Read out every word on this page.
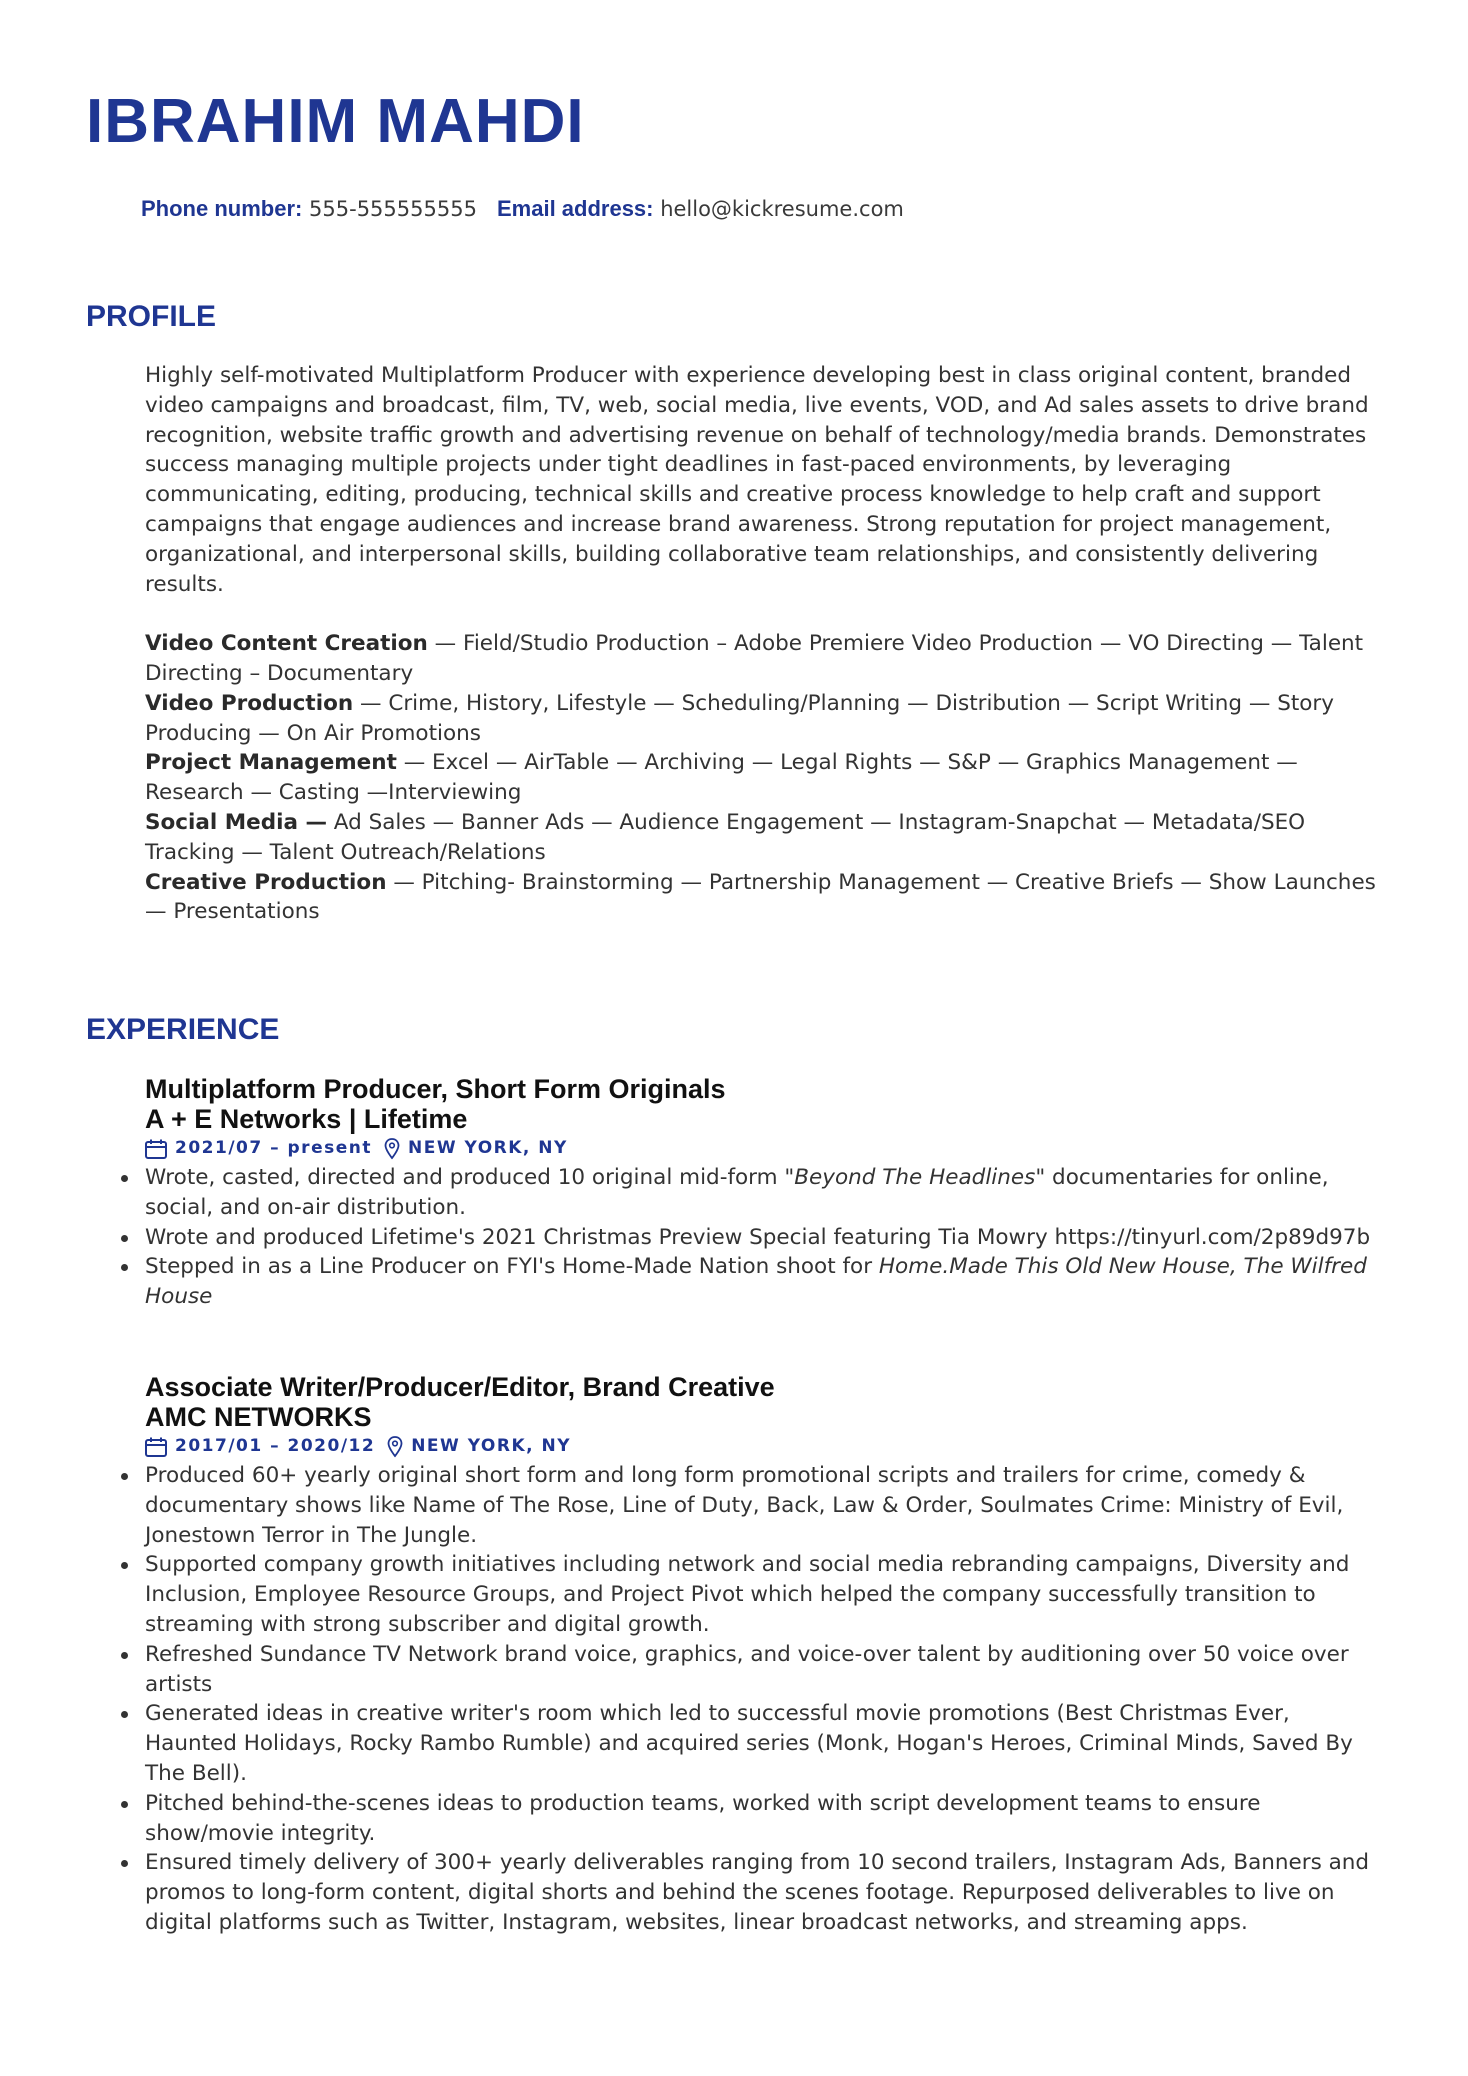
IBRAHIM MAHDI
Phone number: 555-555555555 Email address: hello@kickresume.com
PROFILE

Highly self-motivated Multiplatform Producer with experience developing best in class original content, branded video campaigns and broadcast, film, TV, web, social media, live events, VOD, and Ad sales assets to drive brand recognition, website traffic growth and advertising revenue on behalf of technology/media brands. Demonstrates success managing multiple projects under tight deadlines in fast-paced environments, by leveraging communicating, editing, producing, technical skills and creative process knowledge to help craft and support campaigns that engage audiences and increase brand awareness. Strong reputation for project management, organizational, and interpersonal skills, building collaborative team relationships, and consistently delivering results.

Video Content Creation — Field/Studio Production – Adobe Premiere Video Production — VO Directing — Talent Directing – Documentary

Video Production — Crime, History, Lifestyle — Scheduling/Planning — Distribution — Script Writing — Story Producing — On Air Promotions

Project Management — Excel — AirTable — Archiving — Legal Rights — S&P — Graphics Management — Research — Casting —Interviewing

Social Media — Ad Sales — Banner Ads — Audience Engagement — Instagram-Snapchat — Metadata/SEO Tracking — Talent Outreach/Relations

Creative Production — Pitching- Brainstorming — Partnership Management — Creative Briefs — Show Launches — Presentations

EXPERIENCE
Multiplatform Producer, Short Form Originals
A + E Networks | Lifetime
2021/07 – present NEW YORK, NY
Wrote, casted, directed and produced 10 original mid-form "Beyond The Headlines" documentaries for online, social, and on-air distribution.
Wrote and produced Lifetime's 2021 Christmas Preview Special featuring Tia Mowry https://tinyurl.com/2p89d97b
Stepped in as a Line Producer on FYI's Home-Made Nation shoot for Home.Made This Old New House, The Wilfred House
Associate Writer/Producer/Editor, Brand Creative
AMC NETWORKS
2017/01 – 2020/12 NEW YORK, NY
Produced 60+ yearly original short form and long form promotional scripts and trailers for crime, comedy & documentary shows like Name of The Rose, Line of Duty, Back, Law & Order, Soulmates Crime: Ministry of Evil, Jonestown Terror in The Jungle.
Supported company growth initiatives including network and social media rebranding campaigns, Diversity and Inclusion, Employee Resource Groups, and Project Pivot which helped the company successfully transition to streaming with strong subscriber and digital growth.
Refreshed Sundance TV Network brand voice, graphics, and voice-over talent by auditioning over 50 voice over artists
Generated ideas in creative writer's room which led to successful movie promotions (Best Christmas Ever, Haunted Holidays, Rocky Rambo Rumble) and acquired series (Monk, Hogan's Heroes, Criminal Minds, Saved By The Bell).
Pitched behind-the-scenes ideas to production teams, worked with script development teams to ensure show/movie integrity.
Ensured timely delivery of 300+ yearly deliverables ranging from 10 second trailers, Instagram Ads, Banners and promos to long-form content, digital shorts and behind the scenes footage. Repurposed deliverables to live on digital platforms such as Twitter, Instagram, websites, linear broadcast networks, and streaming apps.
